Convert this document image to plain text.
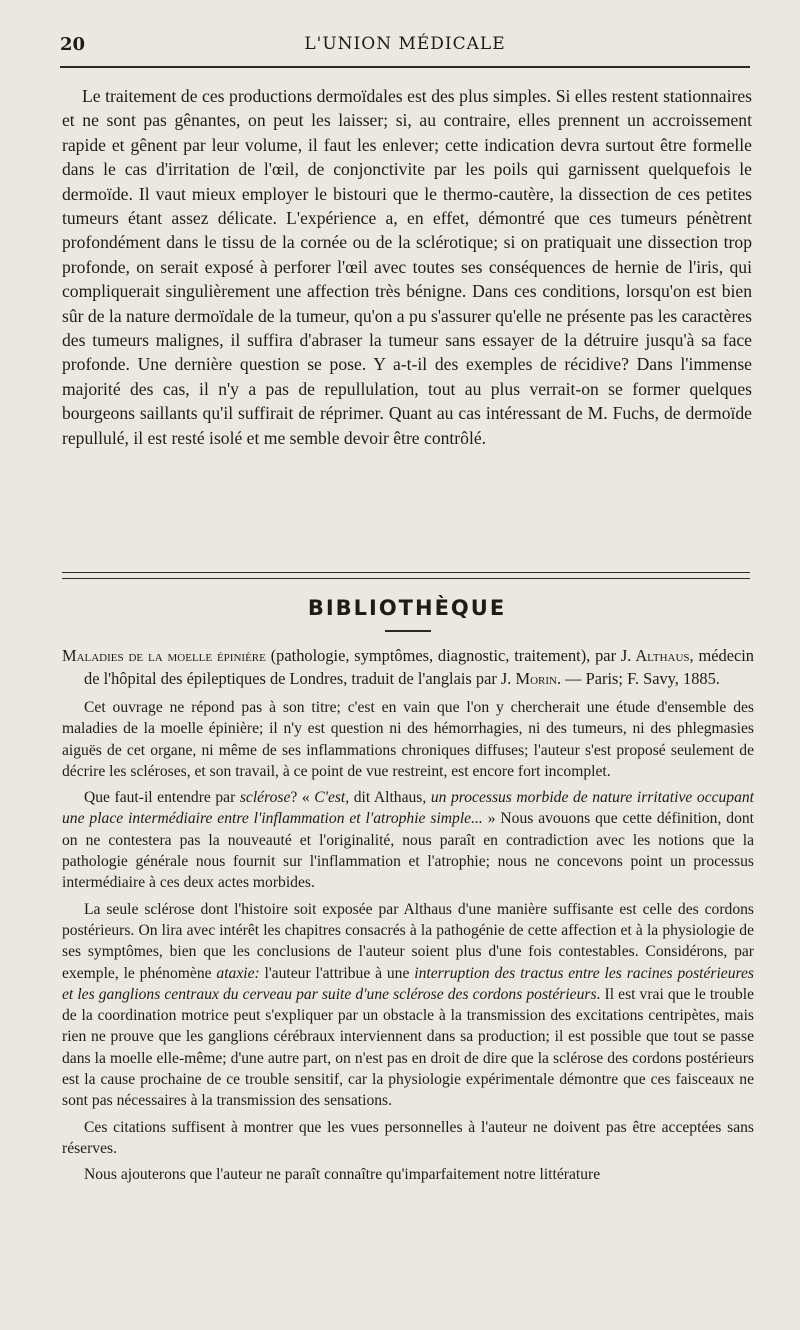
20	L'UNION MÉDICALE

Le traitement de ces productions dermoïdales est des plus simples. Si elles restent stationnaires et ne sont pas gênantes, on peut les laisser; si, au contraire, elles prennent un accroissement rapide et gênent par leur volume, il faut les enlever; cette indication devra surtout être formelle dans le cas d'irritation de l'œil, de conjonctivite par les poils qui garnissent quelquefois le dermoïde. Il vaut mieux employer le bistouri que le thermo-cautère, la dissection de ces petites tumeurs étant assez délicate. L'expérience a, en effet, démontré que ces tumeurs pénètrent profondément dans le tissu de la cornée ou de la sclérotique; si on pratiquait une dissection trop profonde, on serait exposé à perforer l'œil avec toutes ses conséquences de hernie de l'iris, qui compliquerait singulièrement une affection très bénigne. Dans ces conditions, lorsqu'on est bien sûr de la nature dermoïdale de la tumeur, qu'on a pu s'assurer qu'elle ne présente pas les caractères des tumeurs malignes, il suffira d'abraser la tumeur sans essayer de la détruire jusqu'à sa face profonde. Une dernière question se pose. Y a-t-il des exemples de récidive? Dans l'immense majorité des cas, il n'y a pas de repullulation, tout au plus verrait-on se former quelques bourgeons saillants qu'il suffirait de réprimer. Quant au cas intéressant de M. Fuchs, de dermoïde repullulé, il est resté isolé et me semble devoir être contrôlé.

BIBLIOTHÈQUE

Maladies de la moelle épinière (pathologie, symptômes, diagnostic, traitement), par J. Althaus, médecin de l'hôpital des épileptiques de Londres, traduit de l'anglais par J. Morin. — Paris; F. Savy, 1885.

Cet ouvrage ne répond pas à son titre; c'est en vain que l'on y chercherait une étude d'ensemble des maladies de la moelle épinière; il n'y est question ni des hémorrhagies, ni des tumeurs, ni des phlegmasies aiguës de cet organe, ni même de ses inflammations chroniques diffuses; l'auteur s'est proposé seulement de décrire les scléroses, et son travail, à ce point de vue restreint, est encore fort incomplet.

Que faut-il entendre par sclérose? « C'est, dit Althaus, un processus morbide de nature irritative occupant une place intermédiaire entre l'inflammation et l'atrophie simple... » Nous avouons que cette définition, dont on ne contestera pas la nouveauté et l'originalité, nous paraît en contradiction avec les notions que la pathologie générale nous fournit sur l'inflammation et l'atrophie; nous ne concevons point un processus intermédiaire à ces deux actes morbides.

La seule sclérose dont l'histoire soit exposée par Althaus d'une manière suffisante est celle des cordons postérieurs. On lira avec intérêt les chapitres consacrés à la pathogénie de cette affection et à la physiologie de ses symptômes, bien que les conclusions de l'auteur soient plus d'une fois contestables. Considérons, par exemple, le phénomène ataxie: l'auteur l'attribue à une interruption des tractus entre les racines postérieures et les ganglions centraux du cerveau par suite d'une sclérose des cordons postérieurs. Il est vrai que le trouble de la coordination motrice peut s'expliquer par un obstacle à la transmission des excitations centripètes, mais rien ne prouve que les ganglions cérébraux interviennent dans sa production; il est possible que tout se passe dans la moelle elle-même; d'une autre part, on n'est pas en droit de dire que la sclérose des cordons postérieurs est la cause prochaine de ce trouble sensitif, car la physiologie expérimentale démontre que ces faisceaux ne sont pas nécessaires à la transmission des sensations.

Ces citations suffisent à montrer que les vues personnelles à l'auteur ne doivent pas être acceptées sans réserves.

Nous ajouterons que l'auteur ne paraît connaître qu'imparfaitement notre littérature
